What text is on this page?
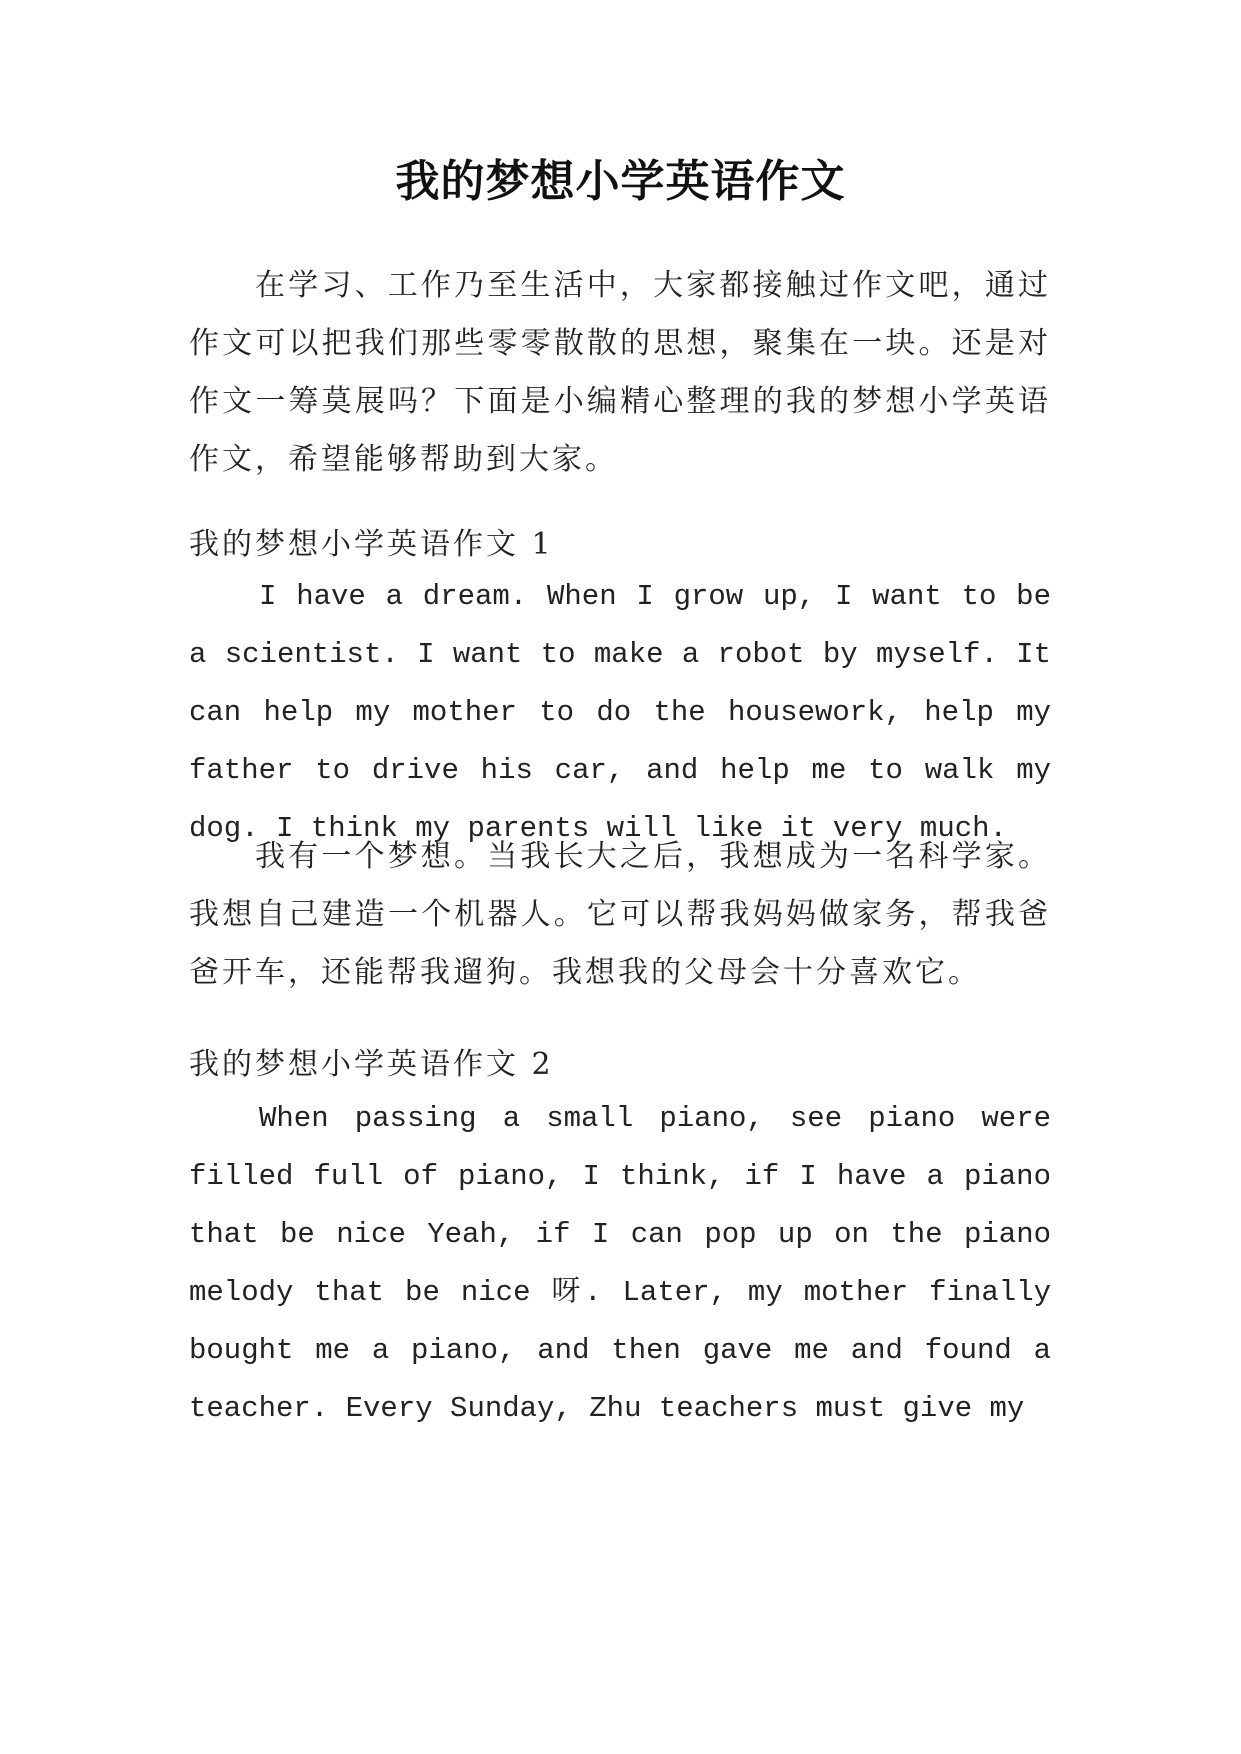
我的梦想小学英语作文

在学习、工作乃至生活中，大家都接触过作文吧，通过作文可以把我们那些零零散散的思想，聚集在一块。还是对作文一筹莫展吗？下面是小编精心整理的我的梦想小学英语作文，希望能够帮助到大家。

我的梦想小学英语作文 1

I have a dream. When I grow up, I want to be a scientist. I want to make a robot by myself. It can help my mother to do the housework, help my father to drive his car, and help me to walk my dog. I think my parents will like it very much.

我有一个梦想。当我长大之后，我想成为一名科学家。我想自己建造一个机器人。它可以帮我妈妈做家务，帮我爸爸开车，还能帮我遛狗。我想我的父母会十分喜欢它。

我的梦想小学英语作文 2

When passing a small piano, see piano were filled full of piano, I think, if I have a piano that be nice Yeah, if I can pop up on the piano melody that be nice 呀. Later, my mother finally bought me a piano, and then gave me and found a teacher. Every Sunday, Zhu teachers must give my
